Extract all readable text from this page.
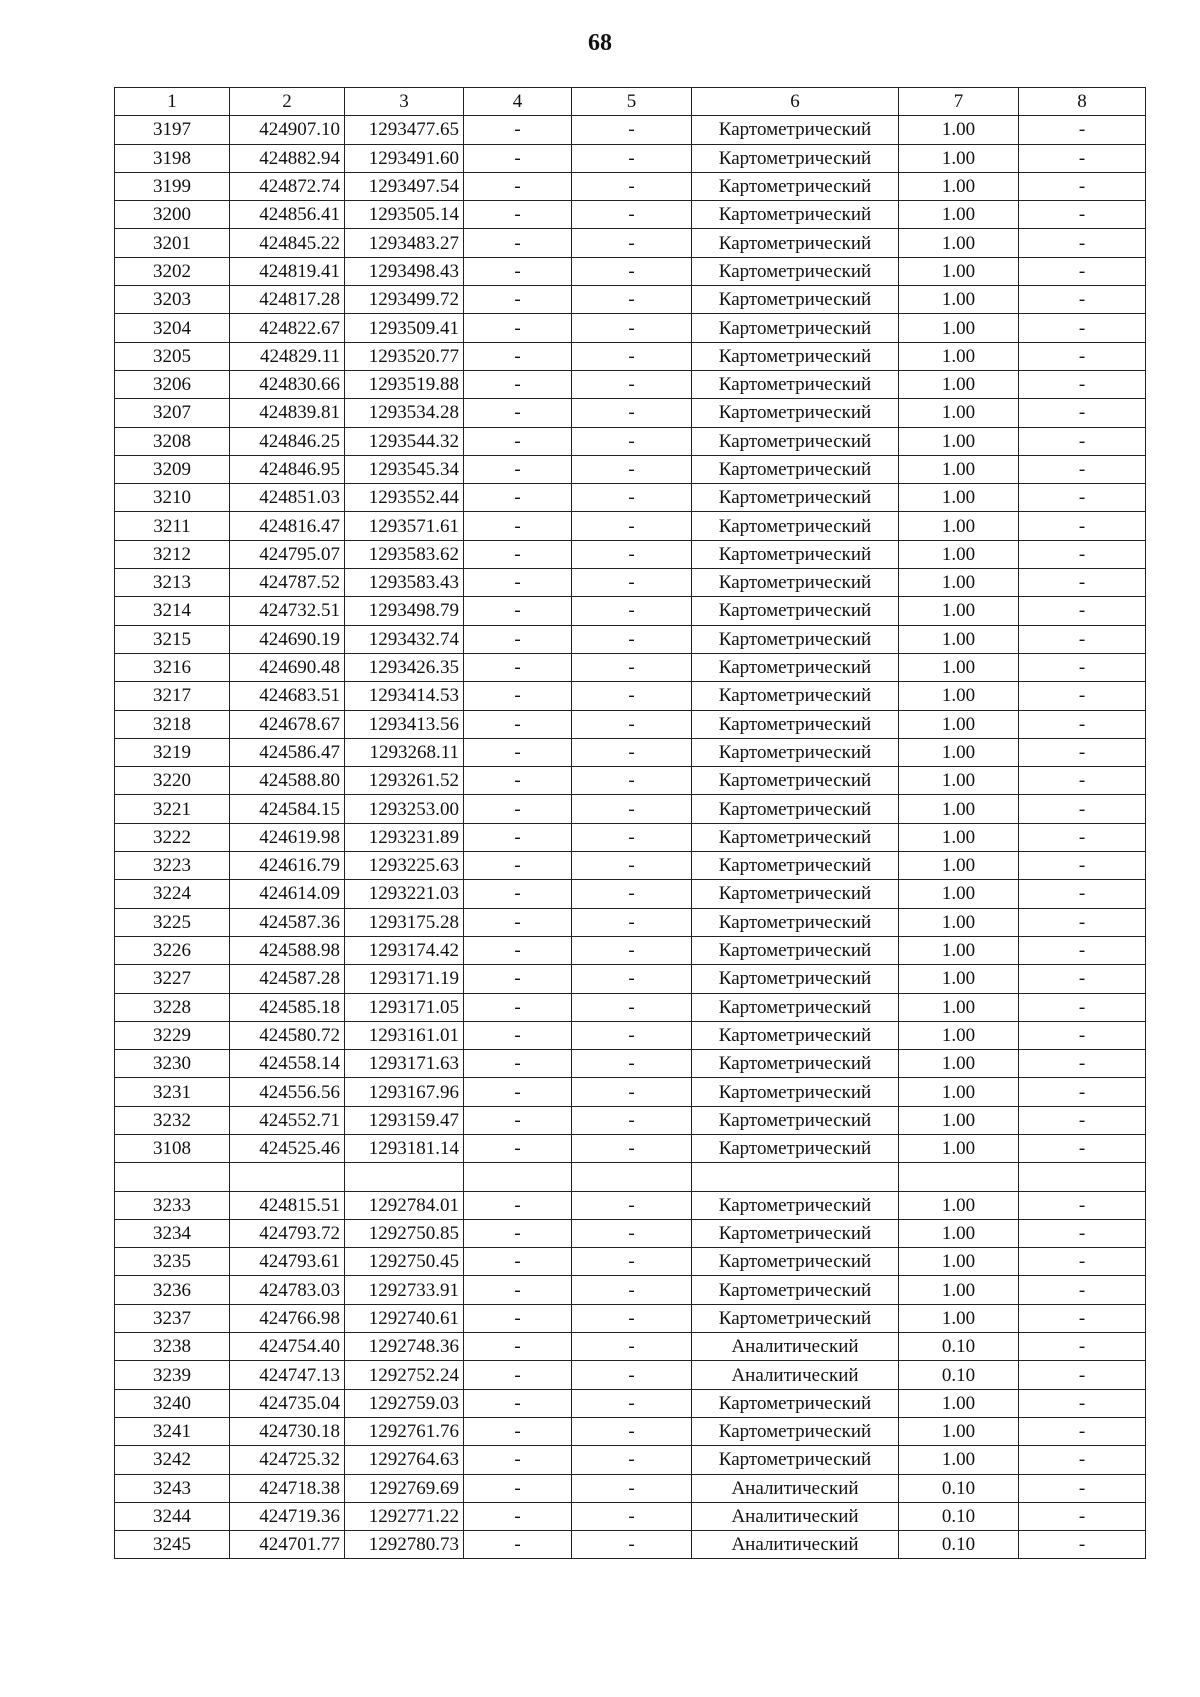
68
1	2	3	4	5	6	7	8
3197	424907.10	1293477.65	-	-	Картометрический	1.00	-
3198	424882.94	1293491.60	-	-	Картометрический	1.00	-
3199	424872.74	1293497.54	-	-	Картометрический	1.00	-
3200	424856.41	1293505.14	-	-	Картометрический	1.00	-
3201	424845.22	1293483.27	-	-	Картометрический	1.00	-
3202	424819.41	1293498.43	-	-	Картометрический	1.00	-
3203	424817.28	1293499.72	-	-	Картометрический	1.00	-
3204	424822.67	1293509.41	-	-	Картометрический	1.00	-
3205	424829.11	1293520.77	-	-	Картометрический	1.00	-
3206	424830.66	1293519.88	-	-	Картометрический	1.00	-
3207	424839.81	1293534.28	-	-	Картометрический	1.00	-
3208	424846.25	1293544.32	-	-	Картометрический	1.00	-
3209	424846.95	1293545.34	-	-	Картометрический	1.00	-
3210	424851.03	1293552.44	-	-	Картометрический	1.00	-
3211	424816.47	1293571.61	-	-	Картометрический	1.00	-
3212	424795.07	1293583.62	-	-	Картометрический	1.00	-
3213	424787.52	1293583.43	-	-	Картометрический	1.00	-
3214	424732.51	1293498.79	-	-	Картометрический	1.00	-
3215	424690.19	1293432.74	-	-	Картометрический	1.00	-
3216	424690.48	1293426.35	-	-	Картометрический	1.00	-
3217	424683.51	1293414.53	-	-	Картометрический	1.00	-
3218	424678.67	1293413.56	-	-	Картометрический	1.00	-
3219	424586.47	1293268.11	-	-	Картометрический	1.00	-
3220	424588.80	1293261.52	-	-	Картометрический	1.00	-
3221	424584.15	1293253.00	-	-	Картометрический	1.00	-
3222	424619.98	1293231.89	-	-	Картометрический	1.00	-
3223	424616.79	1293225.63	-	-	Картометрический	1.00	-
3224	424614.09	1293221.03	-	-	Картометрический	1.00	-
3225	424587.36	1293175.28	-	-	Картометрический	1.00	-
3226	424588.98	1293174.42	-	-	Картометрический	1.00	-
3227	424587.28	1293171.19	-	-	Картометрический	1.00	-
3228	424585.18	1293171.05	-	-	Картометрический	1.00	-
3229	424580.72	1293161.01	-	-	Картометрический	1.00	-
3230	424558.14	1293171.63	-	-	Картометрический	1.00	-
3231	424556.56	1293167.96	-	-	Картометрический	1.00	-
3232	424552.71	1293159.47	-	-	Картометрический	1.00	-
3108	424525.46	1293181.14	-	-	Картометрический	1.00	-

3233	424815.51	1292784.01	-	-	Картометрический	1.00	-
3234	424793.72	1292750.85	-	-	Картометрический	1.00	-
3235	424793.61	1292750.45	-	-	Картометрический	1.00	-
3236	424783.03	1292733.91	-	-	Картометрический	1.00	-
3237	424766.98	1292740.61	-	-	Картометрический	1.00	-
3238	424754.40	1292748.36	-	-	Аналитический	0.10	-
3239	424747.13	1292752.24	-	-	Аналитический	0.10	-
3240	424735.04	1292759.03	-	-	Картометрический	1.00	-
3241	424730.18	1292761.76	-	-	Картометрический	1.00	-
3242	424725.32	1292764.63	-	-	Картометрический	1.00	-
3243	424718.38	1292769.69	-	-	Аналитический	0.10	-
3244	424719.36	1292771.22	-	-	Аналитический	0.10	-
3245	424701.77	1292780.73	-	-	Аналитический	0.10	-
